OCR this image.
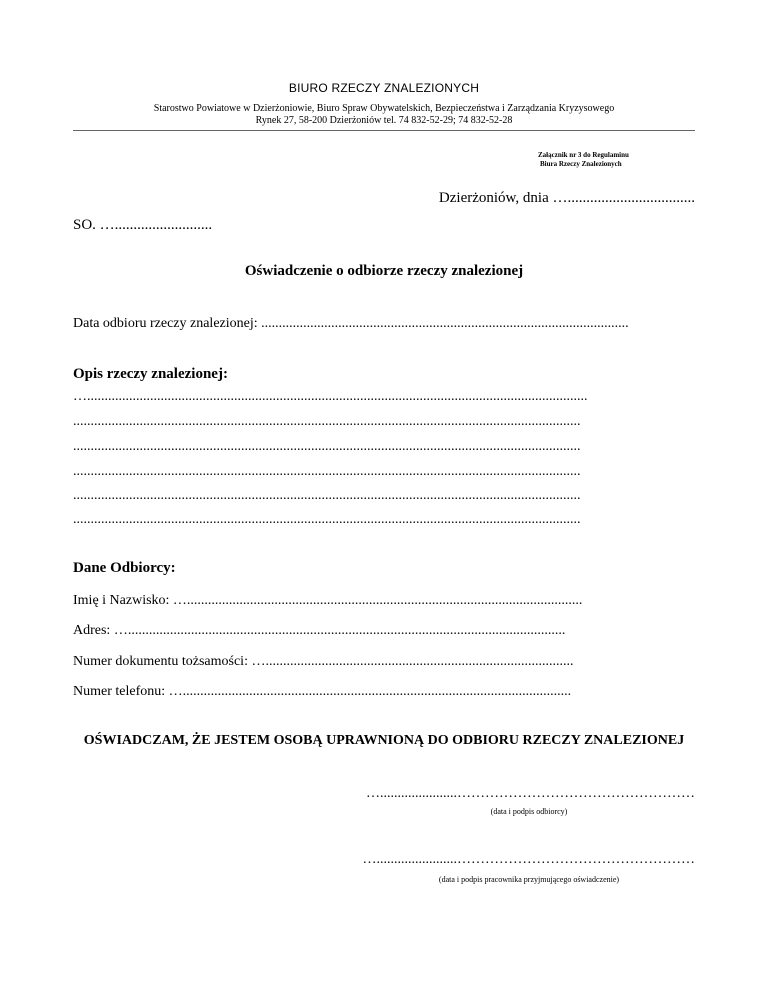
BIURO RZECZY ZNALEZIONYCH
Starostwo Powiatowe w Dzierżoniowie, Biuro Spraw Obywatelskich, Bezpieczeństwa i Zarządzania Kryzysowego
Rynek 27, 58-200 Dzierżoniów tel. 74 832-52-29; 74 832-52-28
Załącznik nr 3 do Regulaminu
Biura Rzeczy Znalezionych
Dzierżoniów, dnia …..................................
SO. …..........................
Oświadczenie o odbiorze rzeczy znalezionej
Data odbioru rzeczy znalezionej: .........................................................................................................
Opis rzeczy znalezionej:
…...............................................................................................................................................
.................................................................................................................................................
.................................................................................................................................................
.................................................................................................................................................
.................................................................................................................................................
.................................................................................................................................................
Dane Odbiorcy:
Imię i Nazwisko: ….................................................................................................................
Adres: ….............................................................................................................................
Numer dokumentu tożsamości: …........................................................................................
Numer telefonu: …...............................................................................................................
OŚWIADCZAM, ŻE JESTEM OSOBĄ UPRAWNIONĄ DO ODBIORU RZECZY ZNALEZIONEJ
…......................……………………………………………
(data i podpis odbiorcy)
….......................……………………………………………
(data i podpis pracownika przyjmującego oświadczenie)
